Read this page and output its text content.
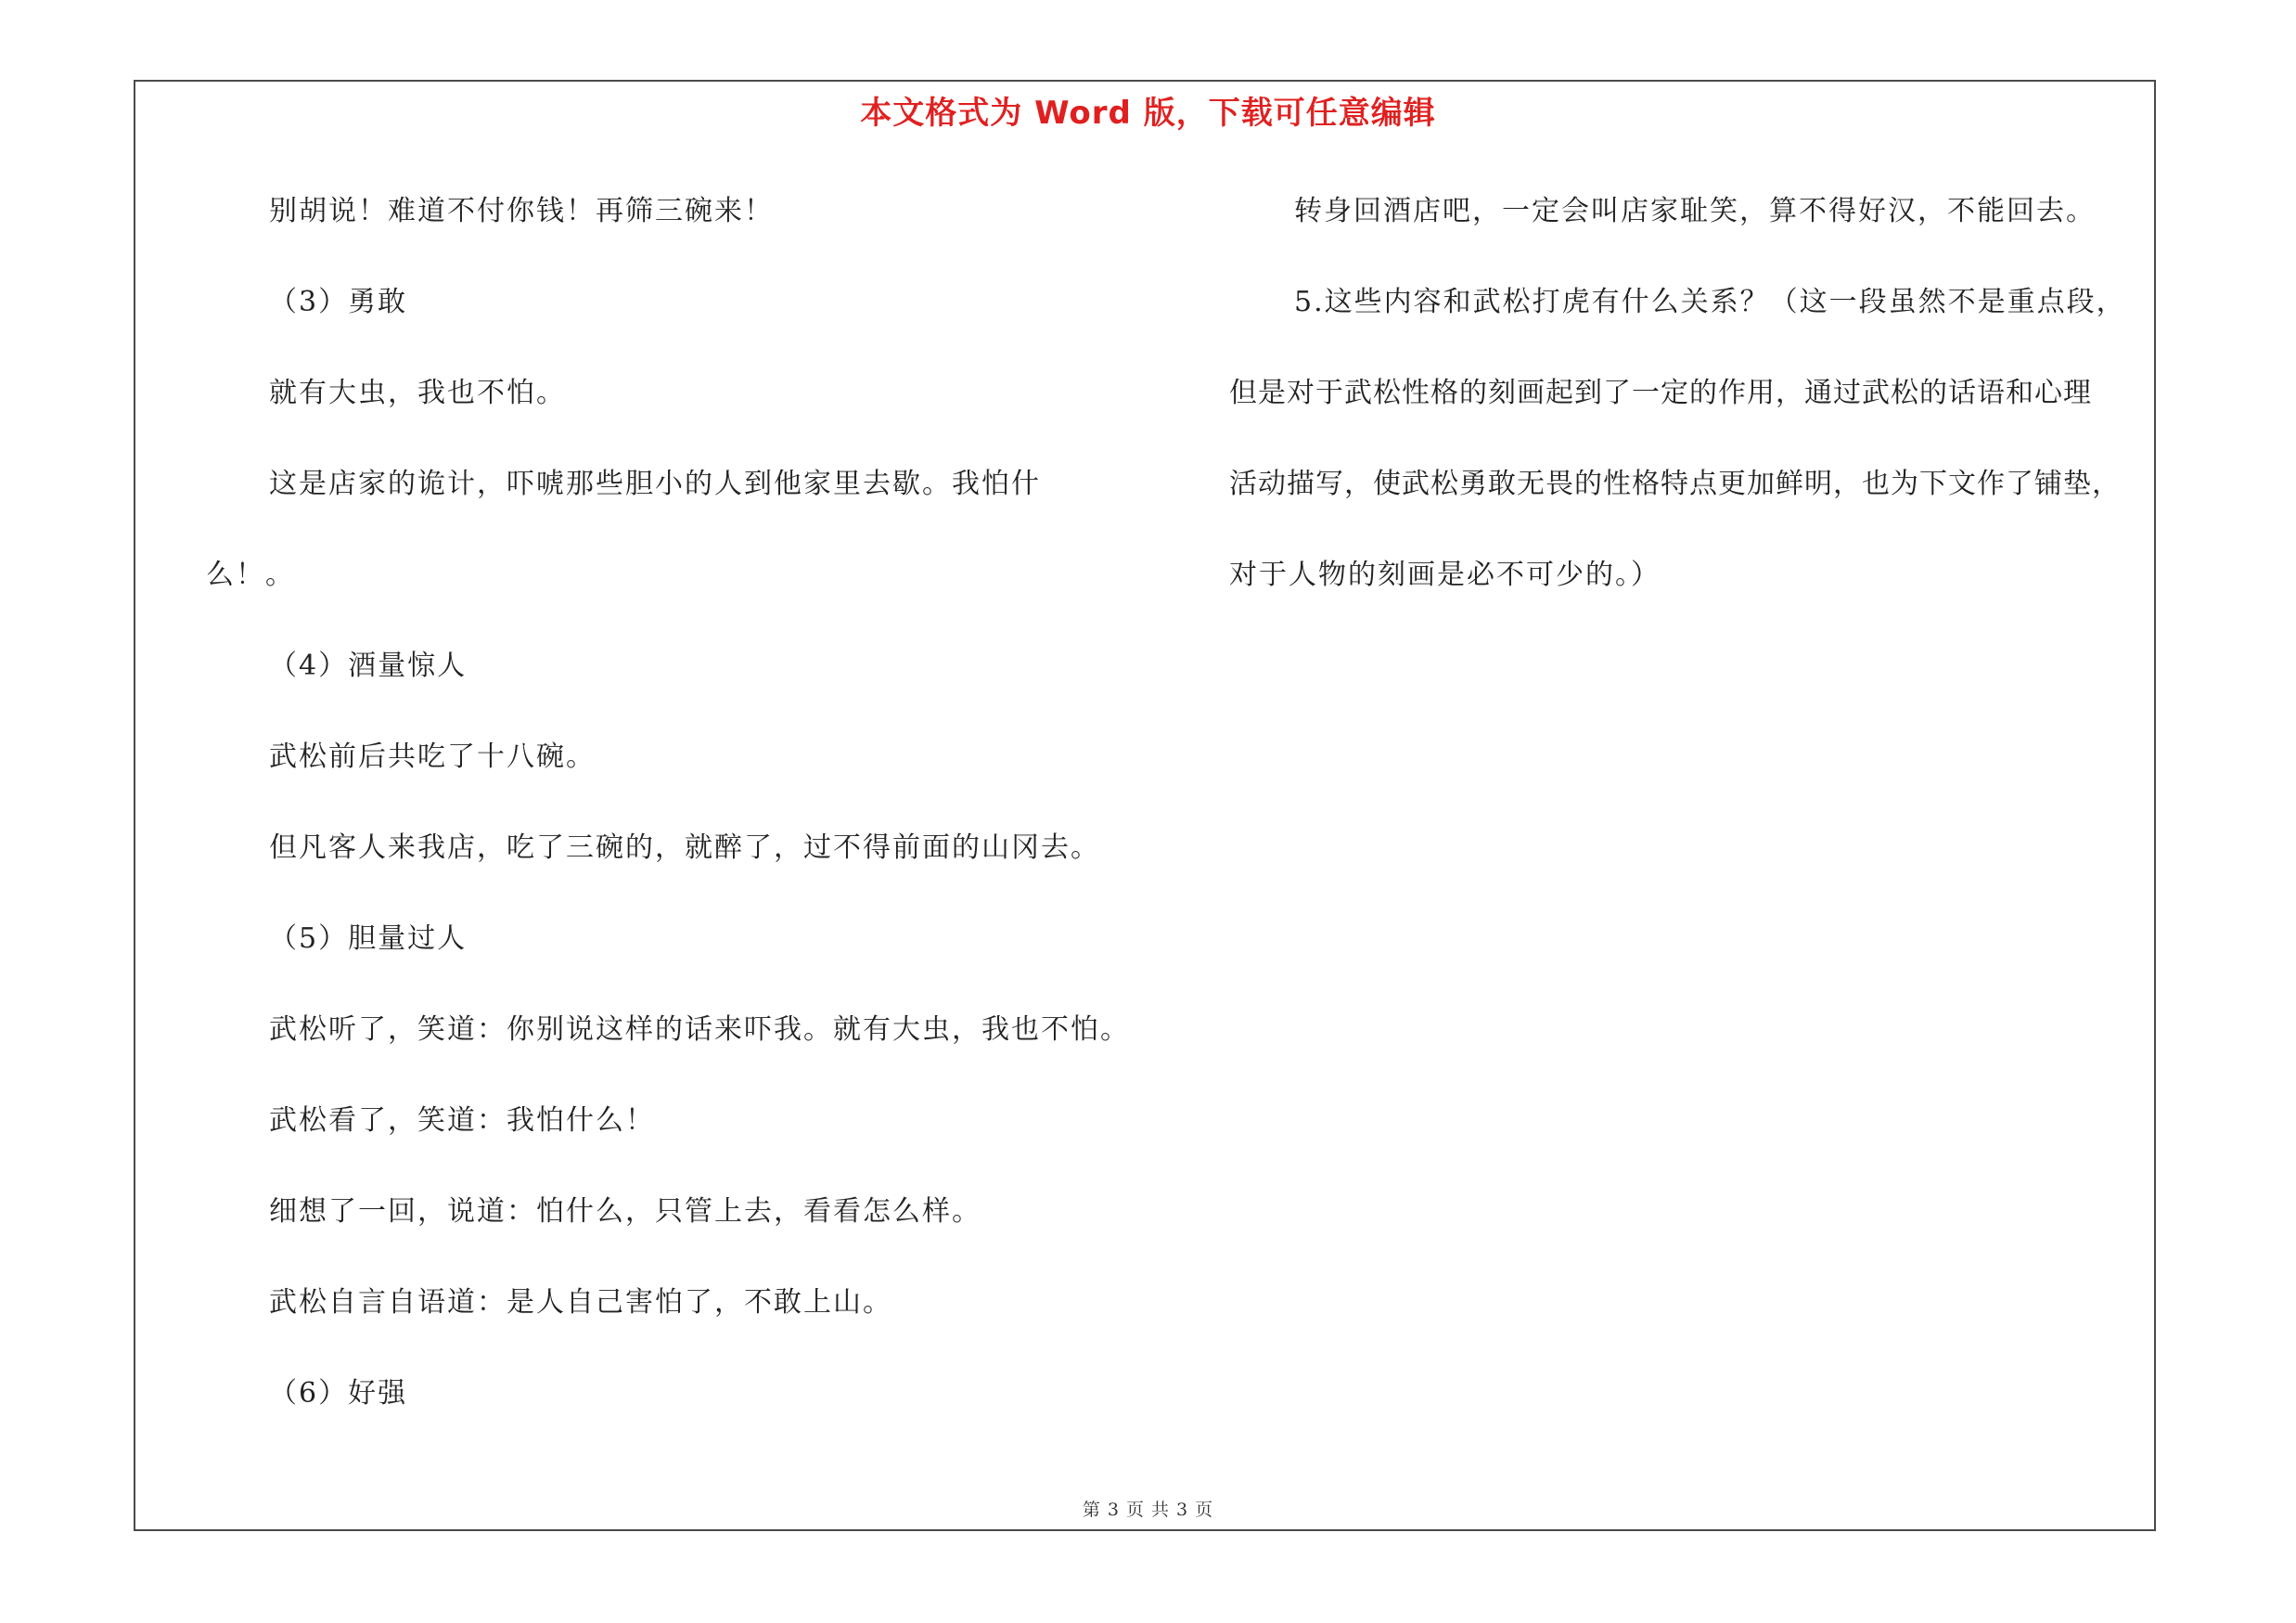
本文格式为 Word 版，下载可任意编辑
别胡说！难道不付你钱！再筛三碗来！
（3）勇敢
就有大虫，我也不怕。
这是店家的诡计，吓唬那些胆小的人到他家里去歇。我怕什
么！。
（4）酒量惊人
武松前后共吃了十八碗。
但凡客人来我店，吃了三碗的，就醉了，过不得前面的山冈去。
（5）胆量过人
武松听了，笑道：你别说这样的话来吓我。就有大虫，我也不怕。
武松看了，笑道：我怕什么！
细想了一回，说道：怕什么，只管上去，看看怎么样。
武松自言自语道：是人自己害怕了，不敢上山。
（6）好强
转身回酒店吧，一定会叫店家耻笑，算不得好汉，不能回去。
5.这些内容和武松打虎有什么关系？（这一段虽然不是重点段，
但是对于武松性格的刻画起到了一定的作用，通过武松的话语和心理
活动描写，使武松勇敢无畏的性格特点更加鲜明，也为下文作了铺垫，
对于人物的刻画是必不可少的。）
第 3 页 共 3 页
